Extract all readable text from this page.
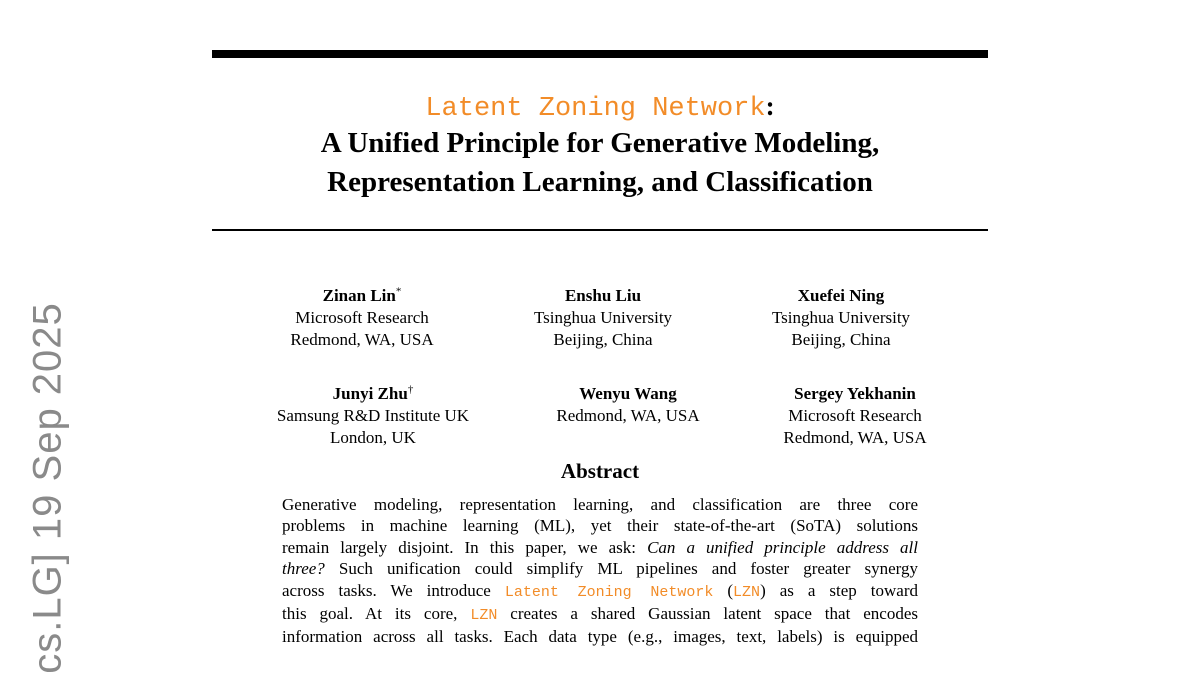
Latent Zoning Network:
A Unified Principle for Generative Modeling,
Representation Learning, and Classification
Zinan Lin*
Microsoft Research
Redmond, WA, USA
Enshu Liu
Tsinghua University
Beijing, China
Xuefei Ning
Tsinghua University
Beijing, China
Junyi Zhu†
Samsung R&D Institute UK
London, UK
Wenyu Wang
Redmond, WA, USA
Sergey Yekhanin
Microsoft Research
Redmond, WA, USA
Abstract
Generative modeling, representation learning, and classification are three core
problems in machine learning (ML), yet their state-of-the-art (SoTA) solutions
remain largely disjoint. In this paper, we ask: Can a unified principle address all
three? Such unification could simplify ML pipelines and foster greater synergy
across tasks. We introduce Latent Zoning Network (LZN) as a step toward
this goal. At its core, LZN creates a shared Gaussian latent space that encodes
information across all tasks. Each data type (e.g., images, text, labels) is equipped
cs.LG] 19 Sep 2025
